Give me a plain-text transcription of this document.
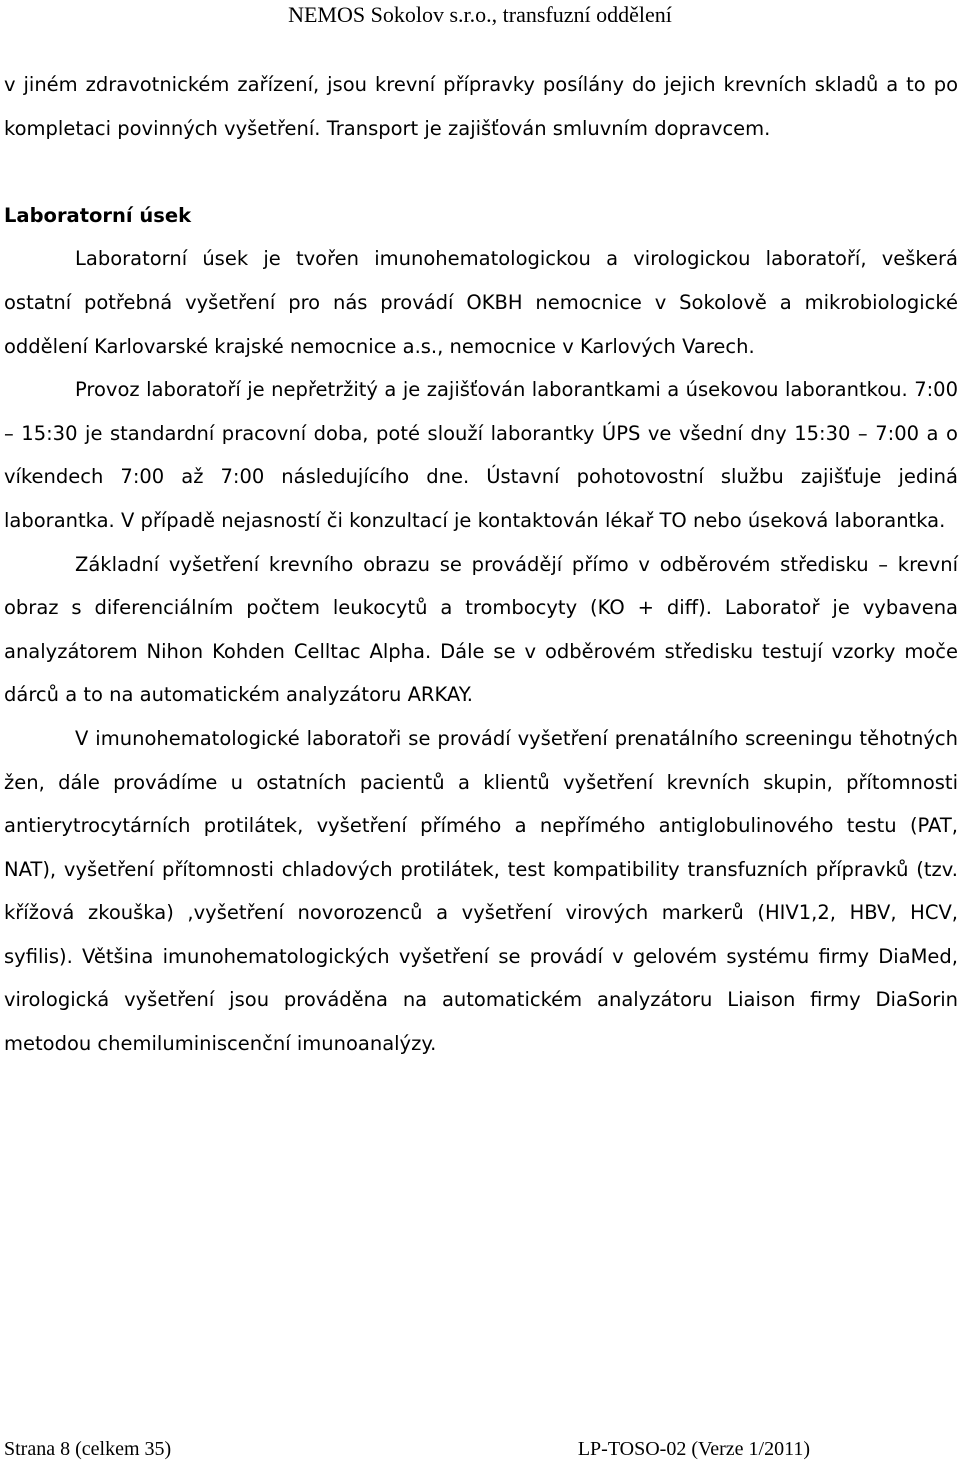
NEMOS Sokolov s.r.o., transfuzní oddělení

v jiném zdravotnickém zařízení, jsou krevní přípravky posílány do jejich krevních skladů a to po kompletaci povinných vyšetření. Transport je zajišťován smluvním dopravcem.

Laboratorní úsek

Laboratorní úsek je tvořen imunohematologickou a virologickou laboratoří, veškerá ostatní potřebná vyšetření pro nás provádí OKBH nemocnice v Sokolově a mikrobiologické oddělení Karlovarské krajské nemocnice a.s., nemocnice v Karlových Varech.

Provoz laboratoří je nepřetržitý a je zajišťován laborantkami a úsekovou laborantkou. 7:00 – 15:30 je standardní pracovní doba, poté slouží laborantky ÚPS ve všední dny 15:30 – 7:00 a o víkendech 7:00 až 7:00 následujícího dne. Ústavní pohotovostní službu zajišťuje jediná laborantka. V případě nejasností či konzultací je kontaktován lékař TO nebo úseková laborantka.

Základní vyšetření krevního obrazu se provádějí přímo v odběrovém středisku – krevní obraz s diferenciálním počtem leukocytů a trombocyty (KO + diff). Laboratoř je vybavena analyzátorem Nihon Kohden Celltac Alpha. Dále se v odběrovém středisku testují vzorky moče dárců a to na automatickém analyzátoru ARKAY.

V imunohematologické laboratoři se provádí vyšetření prenatálního screeningu těhotných žen, dále provádíme u ostatních pacientů a klientů vyšetření krevních skupin, přítomnosti antierytrocytárních protilátek, vyšetření přímého a nepřímého antiglobulinového testu (PAT, NAT), vyšetření přítomnosti chladových protilátek, test kompatibility transfuzních přípravků (tzv. křížová zkouška) ,vyšetření novorozenců a vyšetření virových markerů (HIV1,2, HBV, HCV, syfilis). Většina imunohematologických vyšetření se provádí v gelovém systému firmy DiaMed, virologická vyšetření jsou prováděna na automatickém analyzátoru Liaison firmy DiaSorin metodou chemiluminiscenční imunoanalýzy.

Strana 8 (celkem 35)	LP-TOSO-02 (Verze 1/2011)
